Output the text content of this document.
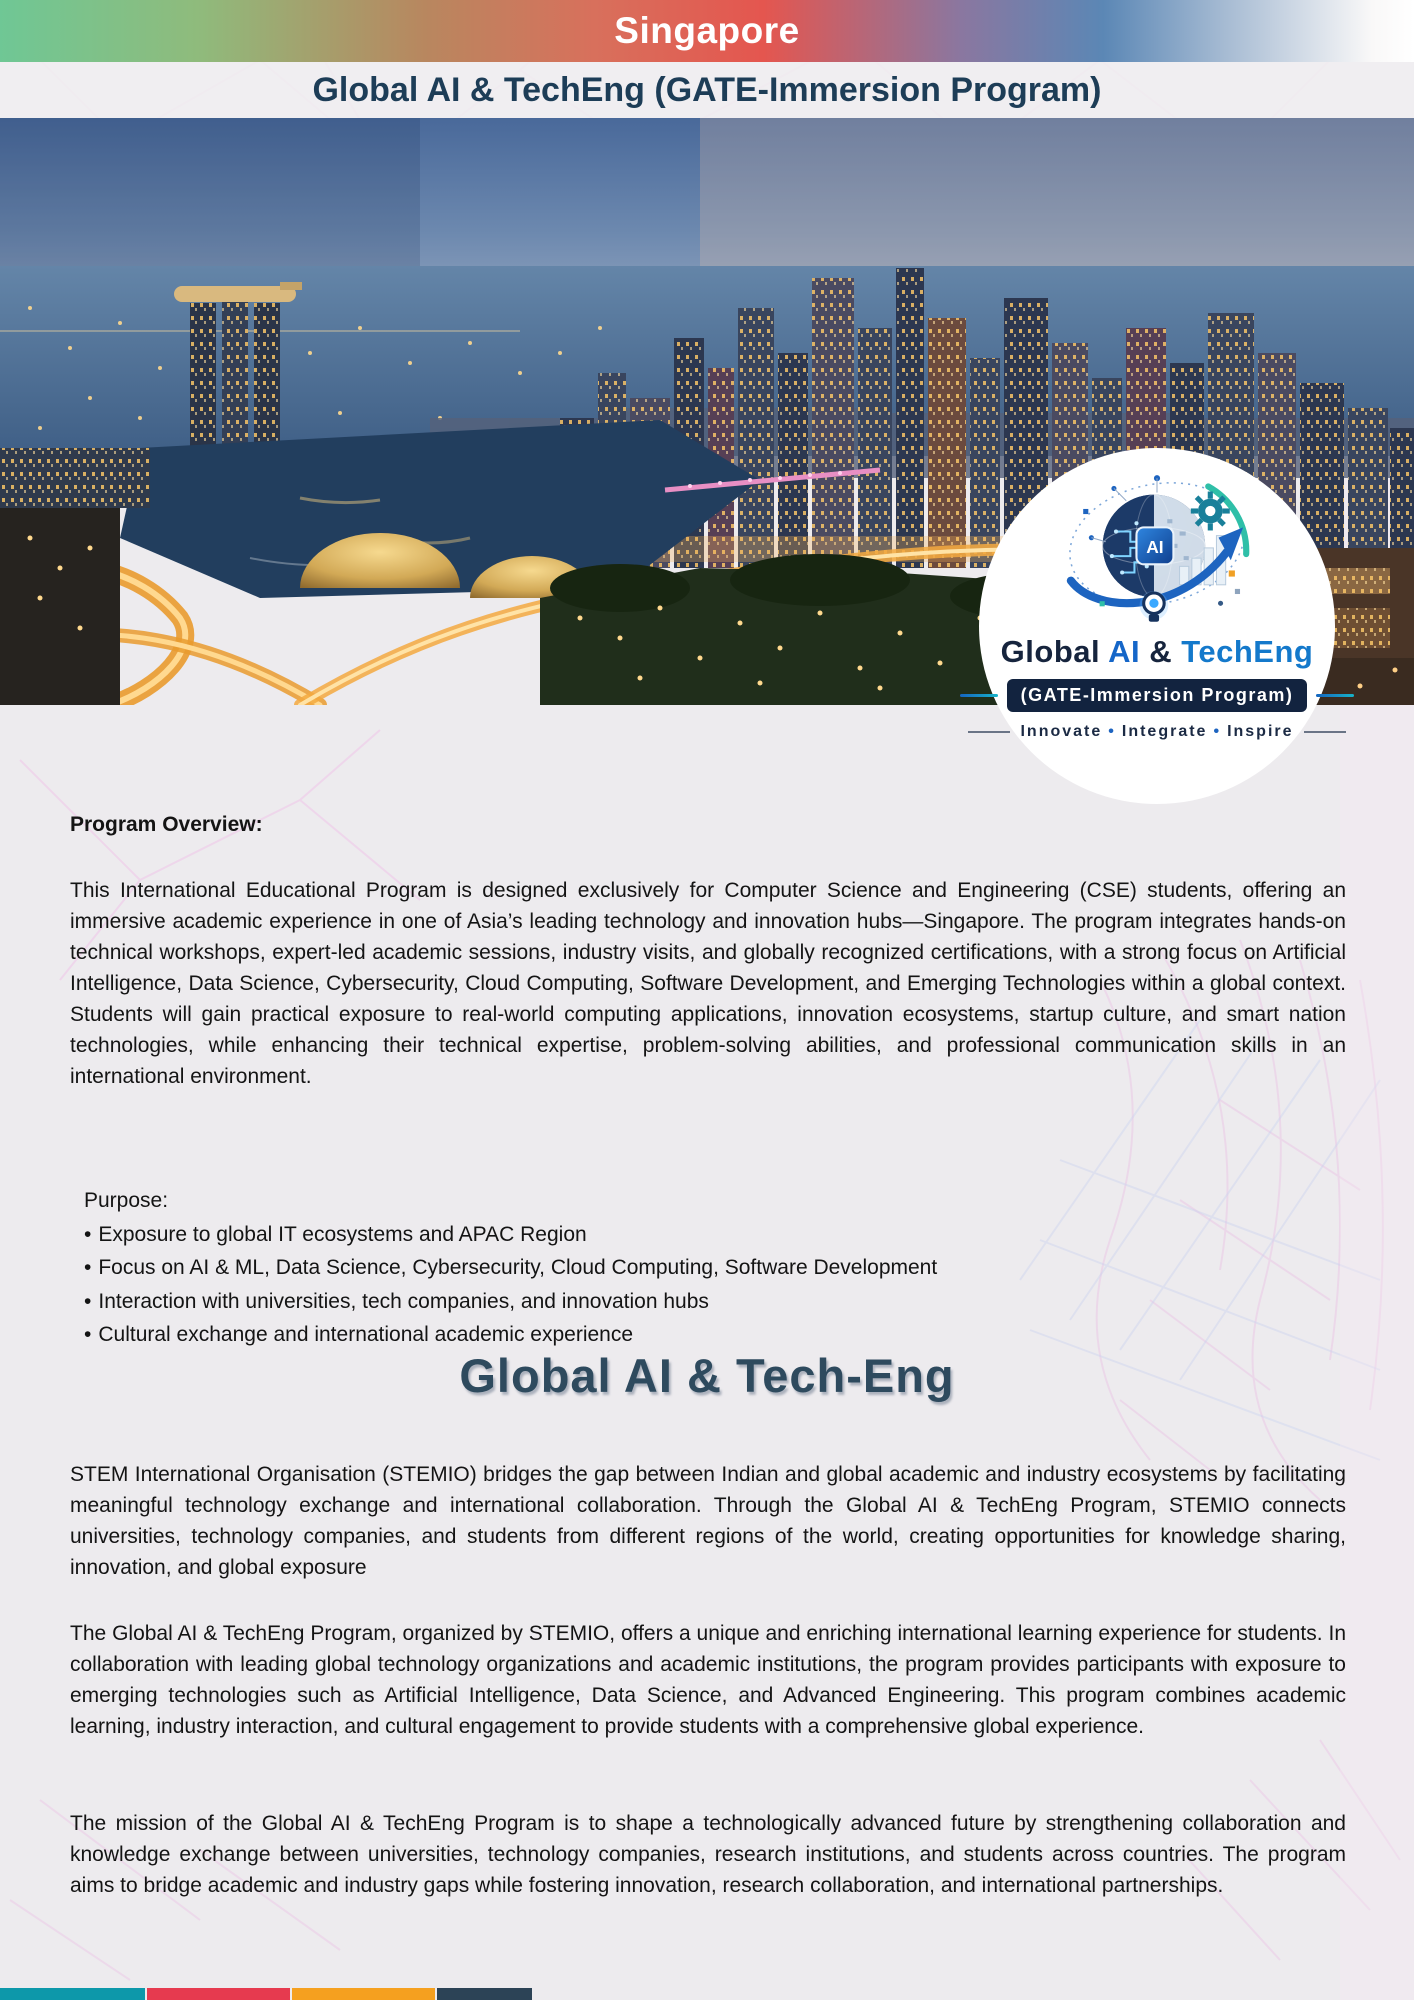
Singapore
Global AI & TechEng (GATE-Immersion Program)
AI
Global AI & TechEng
(GATE-Immersion Program)
Innovate • Integrate • Inspire
Program Overview:

This International Educational Program is designed exclusively for Computer Science and Engineering (CSE) students, offering an immersive academic experience in one of Asia’s leading technology and innovation hubs—Singapore. The program integrates hands-on technical workshops, expert-led academic sessions, industry visits, and globally recognized certifications, with a strong focus on Artificial Intelligence, Data Science, Cybersecurity, Cloud Computing, Software Development, and Emerging Technologies within a global context. Students will gain practical exposure to real-world computing applications, innovation ecosystems, startup culture, and smart nation technologies, while enhancing their technical expertise, problem-solving abilities, and professional communication skills in an international environment.

Purpose:
• Exposure to global IT ecosystems and APAC Region
• Focus on AI & ML, Data Science, Cybersecurity, Cloud Computing, Software Development
• Interaction with universities, tech companies, and innovation hubs
• Cultural exchange and international academic experience
Global AI & Tech-Eng

STEM International Organisation (STEMIO) bridges the gap between Indian and global academic and industry ecosystems by facilitating meaningful technology exchange and international collaboration. Through the Global AI & TechEng Program, STEMIO connects universities, technology companies, and students from different regions of the world, creating opportunities for knowledge sharing, innovation, and global exposure

The Global AI & TechEng Program, organized by STEMIO, offers a unique and enriching international learning experience for students. In collaboration with leading global technology organizations and academic institutions, the program provides participants with exposure to emerging technologies such as Artificial Intelligence, Data Science, and Advanced Engineering. This program combines academic learning, industry interaction, and cultural engagement to provide students with a comprehensive global experience.

The mission of the Global AI & TechEng Program is to shape a technologically advanced future by strengthening collaboration and knowledge exchange between universities, technology companies, research institutions, and students across countries. The program aims to bridge academic and industry gaps while fostering innovation, research collaboration, and international partnerships.
